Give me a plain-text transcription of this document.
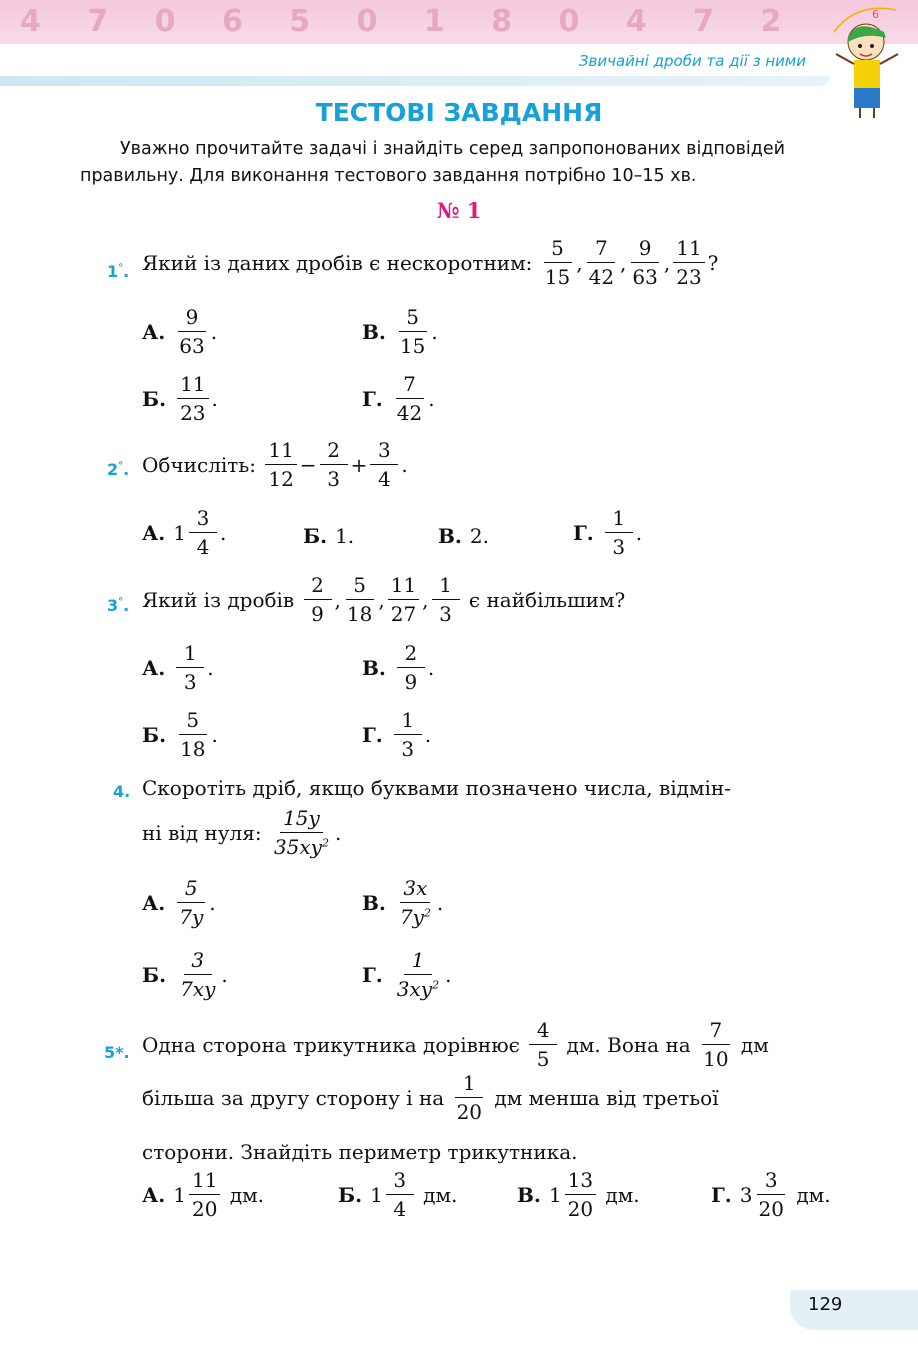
4 7 0 6 5 0 1 8 0 4 7 2
Звичайні дроби та дії з ними
6
ТЕСТОВІ ЗАВДАННЯ
Уважно прочитайте задачі і знайдіть серед запропонованих відповідей правильну. Для виконання тестового завдання потрібно 10–15 хв.
№ 1
1°. Який із даних дробів є нескоротним:
$\frac{5}{15}$ , $\frac{7}{42}$ , $\frac{9}{63}$ , $\frac{11}{23}$ ?
А. $\frac{9}{63}$ .	В. $\frac{5}{15}$ .
Б. $\frac{11}{23}$ .	Г. $\frac{7}{42}$ .
2°. Обчисліть:
$\frac{11}{12} - \frac{2}{3} + \frac{3}{4}$ .
А. $1 \frac{3}{4}$ .	Б. 1.	В. 2.	Г. $\frac{1}{3}$ .
3°. Який із дробів
$\frac{2}{9}$ , $\frac{5}{18}$ , $\frac{11}{27}$ , $\frac{1}{3}$
є найбільшим?
А. $\frac{1}{3}$ .	В. $\frac{2}{9}$ .
Б. $\frac{5}{18}$ .	Г. $\frac{1}{3}$ .
4. Скоротіть дріб, якщо буквами позначено числа, відмін-
ні від нуля:
$\frac{15y}{35xy^2}$ .
А. $\frac{5}{7y}$ .	В. $\frac{3x}{7y^2}$ .
Б. $\frac{3}{7xy}$ .	Г. $\frac{1}{3xy^2}$ .
5*. Одна сторона трикутника дорівнює
$\frac{4}{5}$
дм. Вона на
$\frac{7}{10}$
дм
більша за другу сторону і на
$\frac{1}{20}$
дм менша від третьої
сторони. Знайдіть периметр трикутника.
А. $1 \frac{11}{20}$
дм.	Б. $1 \frac{3}{4}$
дм.	В. $1 \frac{13}{20}$
дм.	Г. $3 \frac{3}{20}$
дм.
129
